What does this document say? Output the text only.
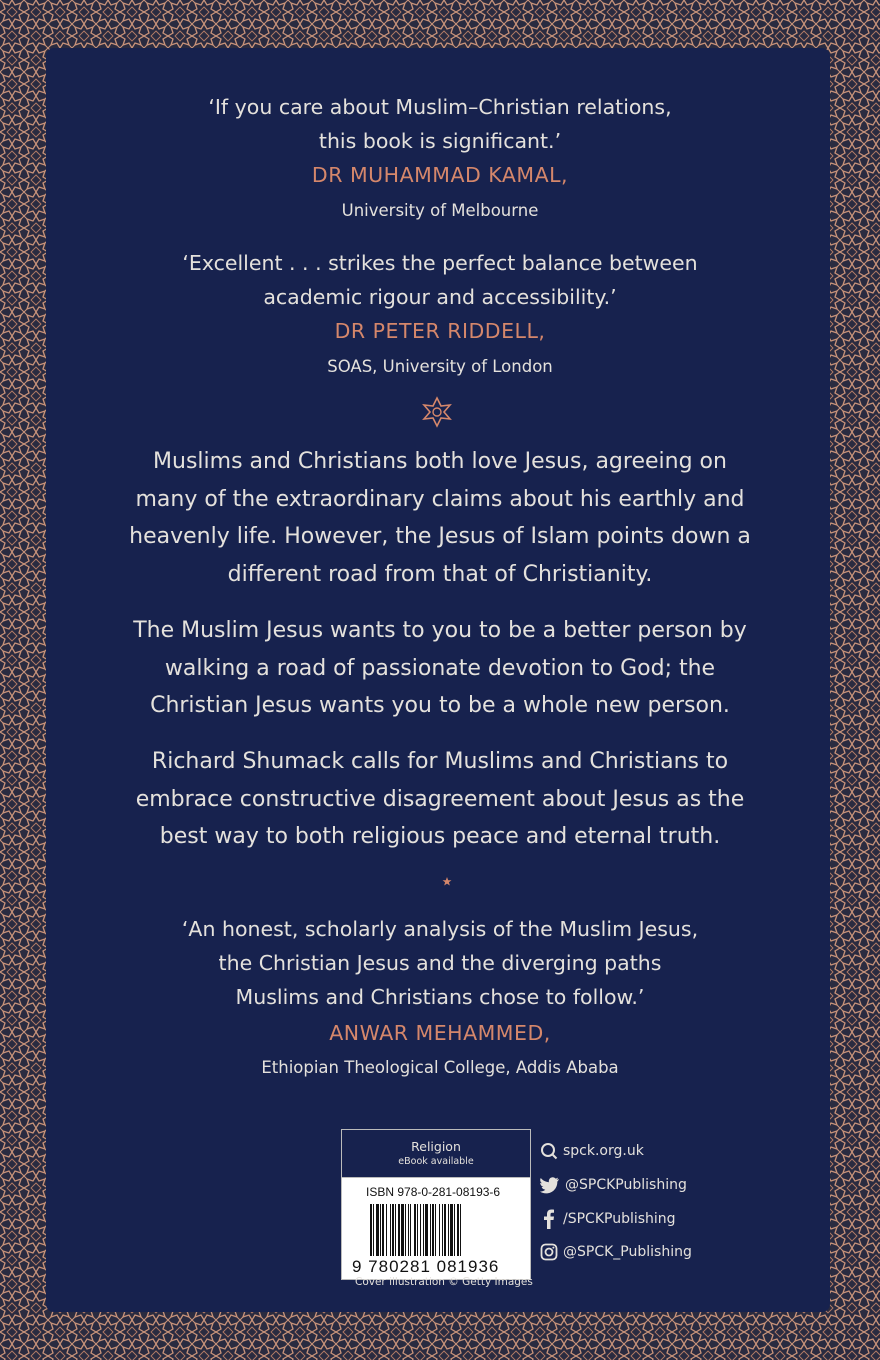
‘If you care about Muslim–Christian relations,
this book is significant.’
DR MUHAMMAD KAMAL,
University of Melbourne
‘Excellent . . . strikes the perfect balance between
academic rigour and accessibility.’
DR PETER RIDDELL,
SOAS, University of London
Muslims and Christians both love Jesus, agreeing on
many of the extraordinary claims about his earthly and
heavenly life. However, the Jesus of Islam points down a
different road from that of Christianity.
The Muslim Jesus wants to you to be a better person by
walking a road of passionate devotion to God; the
Christian Jesus wants you to be a whole new person.
Richard Shumack calls for Muslims and Christians to
embrace constructive disagreement about Jesus as the
best way to both religious peace and eternal truth.
‘An honest, scholarly analysis of the Muslim Jesus,
the Christian Jesus and the diverging paths
Muslims and Christians chose to follow.’
ANWAR MEHAMMED,
Ethiopian Theological College, Addis Ababa
Religion
eBook available
ISBN 978-0-281-08193-6
9 780281 081936
Cover illustration © Getty Images
spck.org.uk
@SPCKPublishing
/SPCKPublishing
@SPCK_Publishing
